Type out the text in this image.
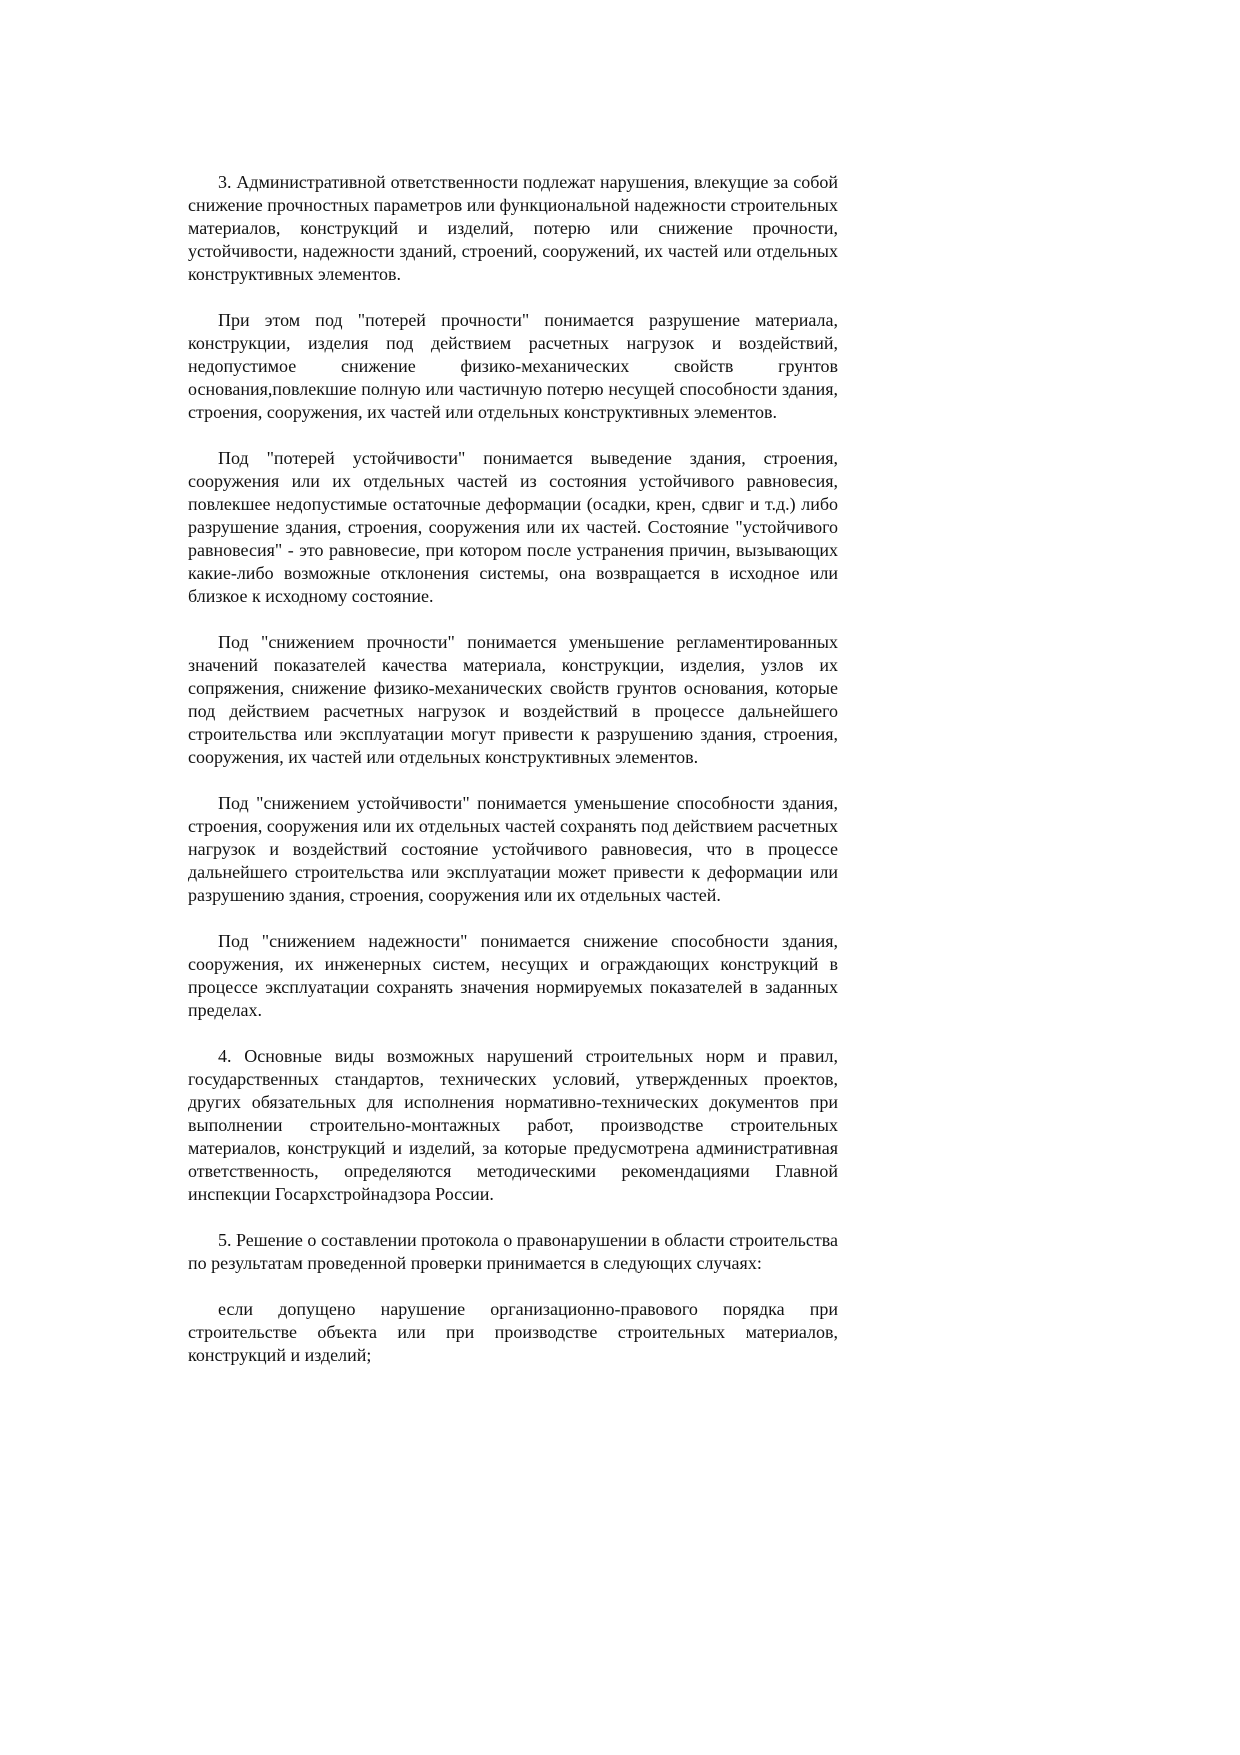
3. Административной ответственности подлежат нарушения, влекущие за собой снижение прочностных параметров или функциональной надежности строительных материалов, конструкций и изделий, потерю или снижение прочности, устойчивости, надежности зданий, строений, сооружений, их частей или отдельных конструктивных элементов.

При этом под "потерей прочности" понимается разрушение материала, конструкции, изделия под действием расчетных нагрузок и воздействий, недопустимое снижение физико-механических свойств грунтов основания,повлекшие полную или частичную потерю несущей способности здания, строения, сооружения, их частей или отдельных конструктивных элементов.

Под "потерей устойчивости" понимается выведение здания, строения, сооружения или их отдельных частей из состояния устойчивого равновесия, повлекшее недопустимые остаточные деформации (осадки, крен, сдвиг и т.д.) либо разрушение здания, строения, сооружения или их частей. Состояние "устойчивого равновесия" - это равновесие, при котором после устранения причин, вызывающих какие-либо возможные отклонения системы, она возвращается в исходное или близкое к исходному состояние.

Под "снижением прочности" понимается уменьшение регламентированных значений показателей качества материала, конструкции, изделия, узлов их сопряжения, снижение физико-механических свойств грунтов основания, которые под действием расчетных нагрузок и воздействий в процессе дальнейшего строительства или эксплуатации могут привести к разрушению здания, строения, сооружения, их частей или отдельных конструктивных элементов.

Под "снижением устойчивости" понимается уменьшение способности здания, строения, сооружения или их отдельных частей сохранять под действием расчетных нагрузок и воздействий состояние устойчивого равновесия, что в процессе дальнейшего строительства или эксплуатации может привести к деформации или разрушению здания, строения, сооружения или их отдельных частей.

Под "снижением надежности" понимается снижение способности здания, сооружения, их инженерных систем, несущих и ограждающих конструкций в процессе эксплуатации сохранять значения нормируемых показателей в заданных пределах.

4. Основные виды возможных нарушений строительных норм и правил, государственных стандартов, технических условий, утвержденных проектов, других обязательных для исполнения нормативно-технических документов при выполнении строительно-монтажных работ, производстве строительных материалов, конструкций и изделий, за которые предусмотрена административная ответственность, определяются методическими рекомендациями Главной инспекции Госархстройнадзора России.

5. Решение о составлении протокола о правонарушении в области строительства по результатам проведенной проверки принимается в следующих случаях:

если допущено нарушение организационно-правового порядка при строительстве объекта или при производстве строительных материалов, конструкций и изделий;
